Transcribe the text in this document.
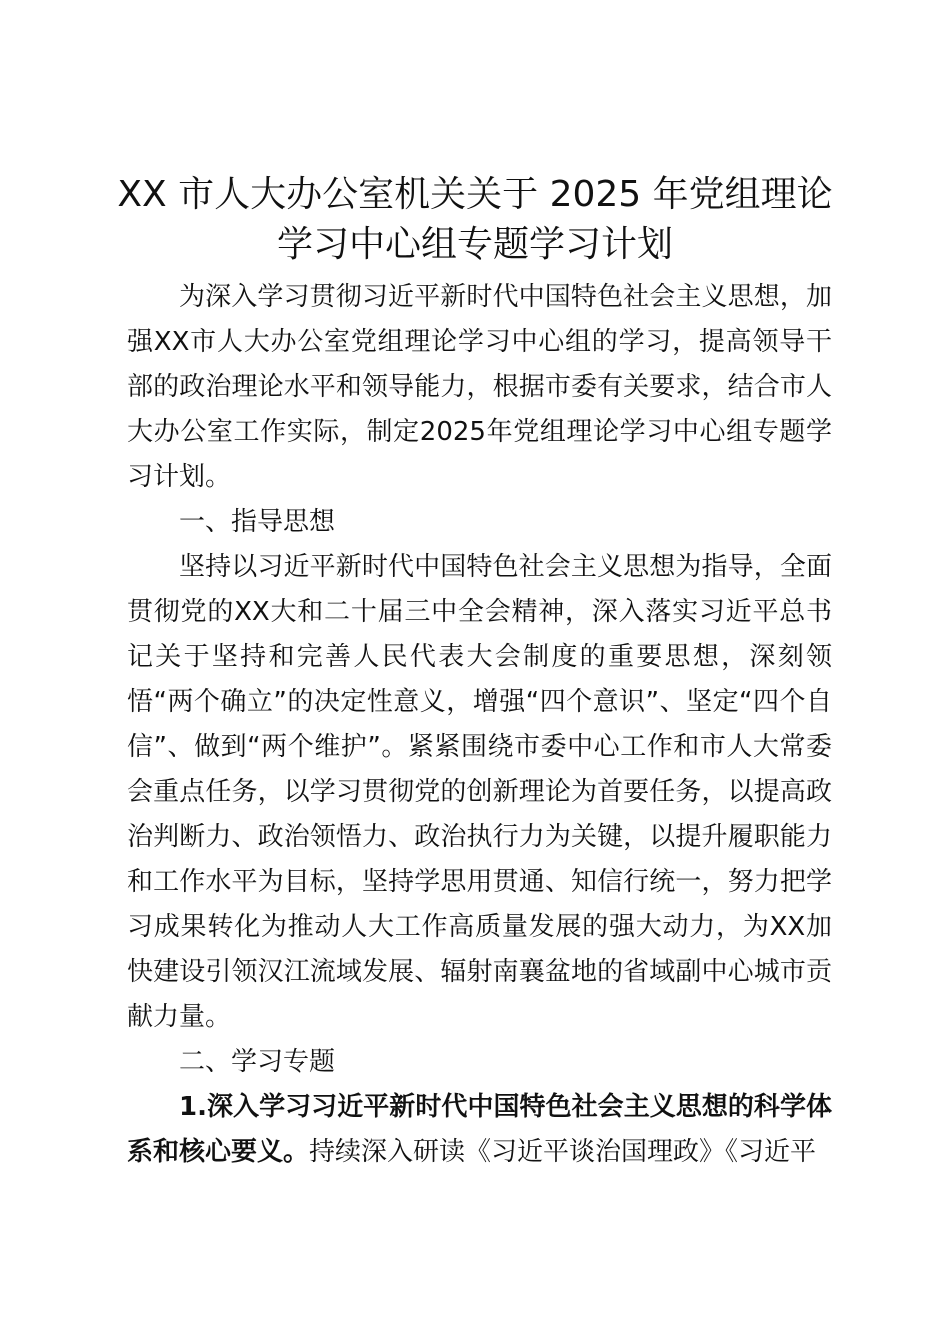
XX 市人大办公室机关关于 2025 年党组理论
学习中心组专题学习计划

为深入学习贯彻习近平新时代中国特色社会主义思想，加强XX市人大办公室党组理论学习中心组的学习，提高领导干部的政治理论水平和领导能力，根据市委有关要求，结合市人大办公室工作实际，制定2025年党组理论学习中心组专题学习计划。

一、指导思想

坚持以习近平新时代中国特色社会主义思想为指导，全面贯彻党的XX大和二十届三中全会精神，深入落实习近平总书记关于坚持和完善人民代表大会制度的重要思想，深刻领悟“两个确立”的决定性意义，增强“四个意识”、坚定“四个自信”、做到“两个维护”。紧紧围绕市委中心工作和市人大常委会重点任务，以学习贯彻党的创新理论为首要任务，以提高政治判断力、政治领悟力、政治执行力为关键，以提升履职能力和工作水平为目标，坚持学思用贯通、知信行统一，努力把学习成果转化为推动人大工作高质量发展的强大动力，为XX加快建设引领汉江流域发展、辐射南襄盆地的省域副中心城市贡献力量。

二、学习专题

1.深入学习习近平新时代中国特色社会主义思想的科学体系和核心要义。持续深入研读《习近平谈治国理政》《习近平
